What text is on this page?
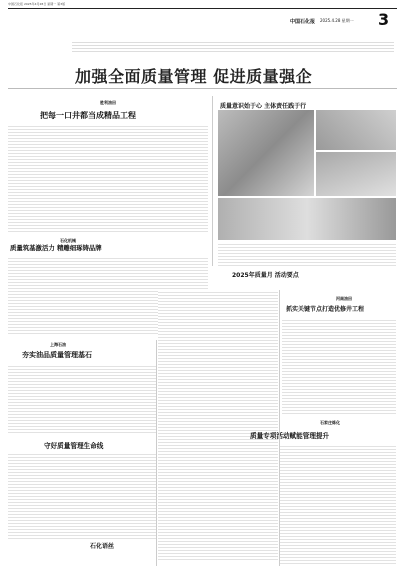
中国石化报 2025年4月28日 星期一 第3版
中国石化报 2025.4.28 星期一 3
加强全面质量管理 促进质量强企
胜利油田
把每一口井都当成精品工程
质量意识始于心 主体责任践于行
石化机械
质量筑基激活力 精雕细琢铸品牌
上海石油
夯实油品质量管理基石
2025年质量月 活动要点
河南油田
抓实关键节点打造优修井工程
石家庄炼化
质量专项活动赋能管理提升
守好质量管理生命线
石化语丝
